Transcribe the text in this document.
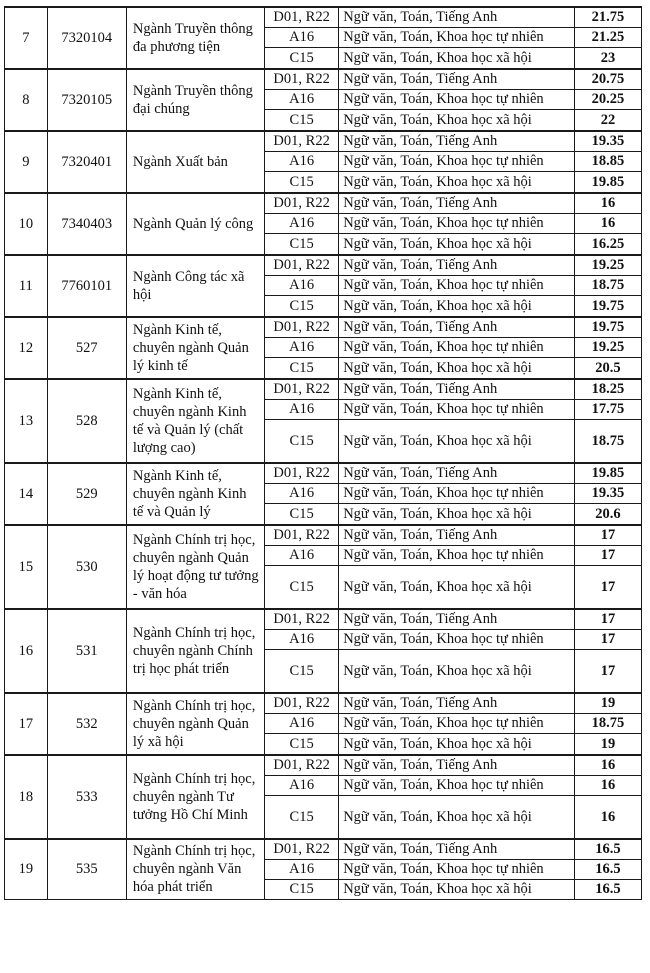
7	7320104	Ngành Truyền thông đa phương tiện	D01, R22	Ngữ văn, Toán, Tiếng Anh	21.75
			A16	Ngữ văn, Toán, Khoa học tự nhiên	21.25
			C15	Ngữ văn, Toán, Khoa học xã hội	23
8	7320105	Ngành Truyền thông đại chúng	D01, R22	Ngữ văn, Toán, Tiếng Anh	20.75
			A16	Ngữ văn, Toán, Khoa học tự nhiên	20.25
			C15	Ngữ văn, Toán, Khoa học xã hội	22
9	7320401	Ngành Xuất bản	D01, R22	Ngữ văn, Toán, Tiếng Anh	19.35
			A16	Ngữ văn, Toán, Khoa học tự nhiên	18.85
			C15	Ngữ văn, Toán, Khoa học xã hội	19.85
10	7340403	Ngành Quản lý công	D01, R22	Ngữ văn, Toán, Tiếng Anh	16
			A16	Ngữ văn, Toán, Khoa học tự nhiên	16
			C15	Ngữ văn, Toán, Khoa học xã hội	16.25
11	7760101	Ngành Công tác xã hội	D01, R22	Ngữ văn, Toán, Tiếng Anh	19.25
			A16	Ngữ văn, Toán, Khoa học tự nhiên	18.75
			C15	Ngữ văn, Toán, Khoa học xã hội	19.75
12	527	Ngành Kinh tế, chuyên ngành Quản lý kinh tế	D01, R22	Ngữ văn, Toán, Tiếng Anh	19.75
			A16	Ngữ văn, Toán, Khoa học tự nhiên	19.25
			C15	Ngữ văn, Toán, Khoa học xã hội	20.5
13	528	Ngành Kinh tế, chuyên ngành Kinh tế và Quản lý (chất lượng cao)	D01, R22	Ngữ văn, Toán, Tiếng Anh	18.25
			A16	Ngữ văn, Toán, Khoa học tự nhiên	17.75
			C15	Ngữ văn, Toán, Khoa học xã hội	18.75
14	529	Ngành Kinh tế, chuyên ngành Kinh tế và Quản lý	D01, R22	Ngữ văn, Toán, Tiếng Anh	19.85
			A16	Ngữ văn, Toán, Khoa học tự nhiên	19.35
			C15	Ngữ văn, Toán, Khoa học xã hội	20.6
15	530	Ngành Chính trị học, chuyên ngành Quản lý hoạt động tư tưởng - văn hóa	D01, R22	Ngữ văn, Toán, Tiếng Anh	17
			A16	Ngữ văn, Toán, Khoa học tự nhiên	17
			C15	Ngữ văn, Toán, Khoa học xã hội	17
16	531	Ngành Chính trị học, chuyên ngành Chính trị học phát triển	D01, R22	Ngữ văn, Toán, Tiếng Anh	17
			A16	Ngữ văn, Toán, Khoa học tự nhiên	17
			C15	Ngữ văn, Toán, Khoa học xã hội	17
17	532	Ngành Chính trị học, chuyên ngành Quản lý xã hội	D01, R22	Ngữ văn, Toán, Tiếng Anh	19
			A16	Ngữ văn, Toán, Khoa học tự nhiên	18.75
			C15	Ngữ văn, Toán, Khoa học xã hội	19
18	533	Ngành Chính trị học, chuyên ngành Tư tưởng Hồ Chí Minh	D01, R22	Ngữ văn, Toán, Tiếng Anh	16
			A16	Ngữ văn, Toán, Khoa học tự nhiên	16
			C15	Ngữ văn, Toán, Khoa học xã hội	16
19	535	Ngành Chính trị học, chuyên ngành Văn hóa phát triển	D01, R22	Ngữ văn, Toán, Tiếng Anh	16.5
			A16	Ngữ văn, Toán, Khoa học tự nhiên	16.5
			C15	Ngữ văn, Toán, Khoa học xã hội	16.5
